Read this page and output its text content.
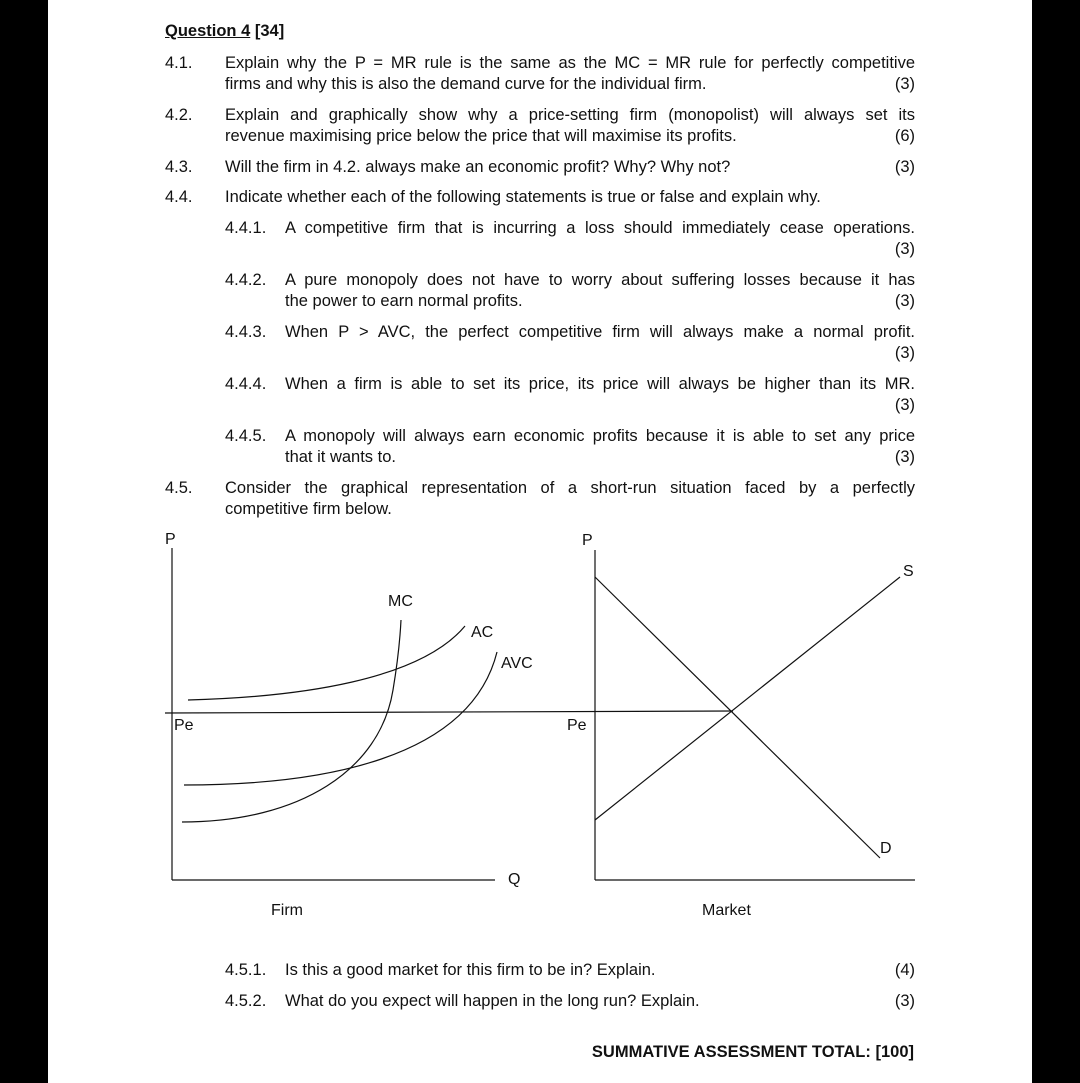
Question 4 [34]
4.1. Explain why the P = MR rule is the same as the MC = MR rule for perfectly competitive
firms and why this is also the demand curve for the individual firm.	(3)
4.2. Explain and graphically show why a price-setting firm (monopolist) will always set its
revenue maximising price below the price that will maximise its profits.	(6)
4.3. Will the firm in 4.2. always make an economic profit? Why? Why not?	(3)
4.4. Indicate whether each of the following statements is true or false and explain why.
4.4.1. A competitive firm that is incurring a loss should immediately cease operations.
(3)
4.4.2. A pure monopoly does not have to worry about suffering losses because it has
the power to earn normal profits.	(3)
4.4.3. When P > AVC, the perfect competitive firm will always make a normal profit.
(3)
4.4.4. When a firm is able to set its price, its price will always be higher than its MR.
(3)
4.4.5. A monopoly will always earn economic profits because it is able to set any price
that it wants to.	(3)
4.5. Consider the graphical representation of a short-run situation faced by a perfectly
competitive firm below.
P
MC
AC
AVC
Pe
Q
Firm
P
S
Pe
D
Market
4.5.1. Is this a good market for this firm to be in? Explain.	(4)
4.5.2. What do you expect will happen in the long run? Explain.	(3)
SUMMATIVE ASSESSMENT TOTAL: [100]
